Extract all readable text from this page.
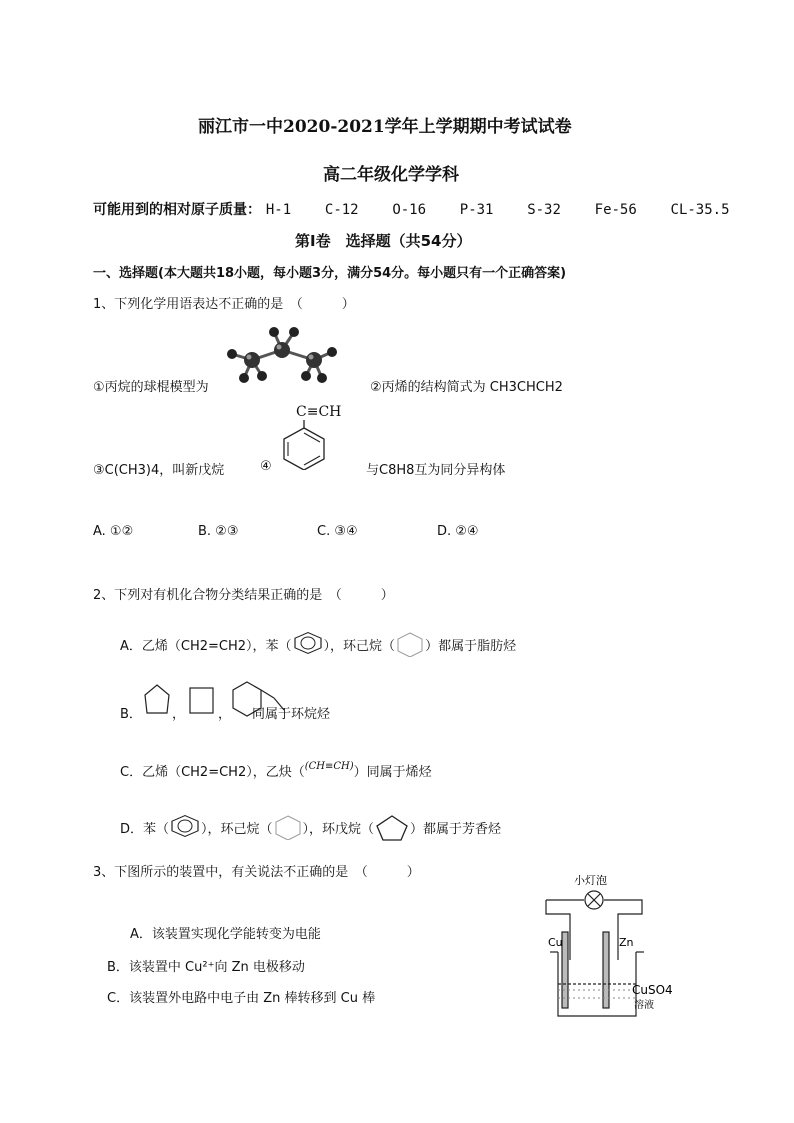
丽江市一中2020-2021学年上学期期中考试试卷
高二年级化学学科
可能用到的相对原子质量： H-1 C-12 O-16 P-31 S-32 Fe-56 CL-35.5
第Ⅰ卷　选择题（共54分）
一、选择题(本大题共18小题，每小题3分，满分54分。每小题只有一个正确答案)
1、下列化学用语表达不正确的是　（　　　）
①丙烷的球棍模型为	②丙烯的结构简式为 CH3CHCH2
C≡CH
③C(CH3)4，叫新戊烷	④	与C8H8互为同分异构体
A. ①②	B. ②③	C. ③④	D. ②④
2、下列对有机化合物分类结果正确的是　（　　　）
A．乙烯（CH2=CH2），苯（ ），环己烷（ ）都属于脂肪烃
B． ，	， 同属于环烷烃
C．乙烯（CH2=CH2），乙炔（$^{(CH\equiv CH)}$）同属于烯烃
D．苯（ ），环己烷（ ），环戊烷（	）都属于芳香烃
3、下图所示的装置中，有关说法不正确的是　（　　　）
A．该装置实现化学能转变为电能
B．该装置中 Cu²⁺向 Zn 电极移动
C．该装置外电路中电子由 Zn 棒转移到 Cu 棒
小灯泡
Cu	Zn
CuSO4
溶液
